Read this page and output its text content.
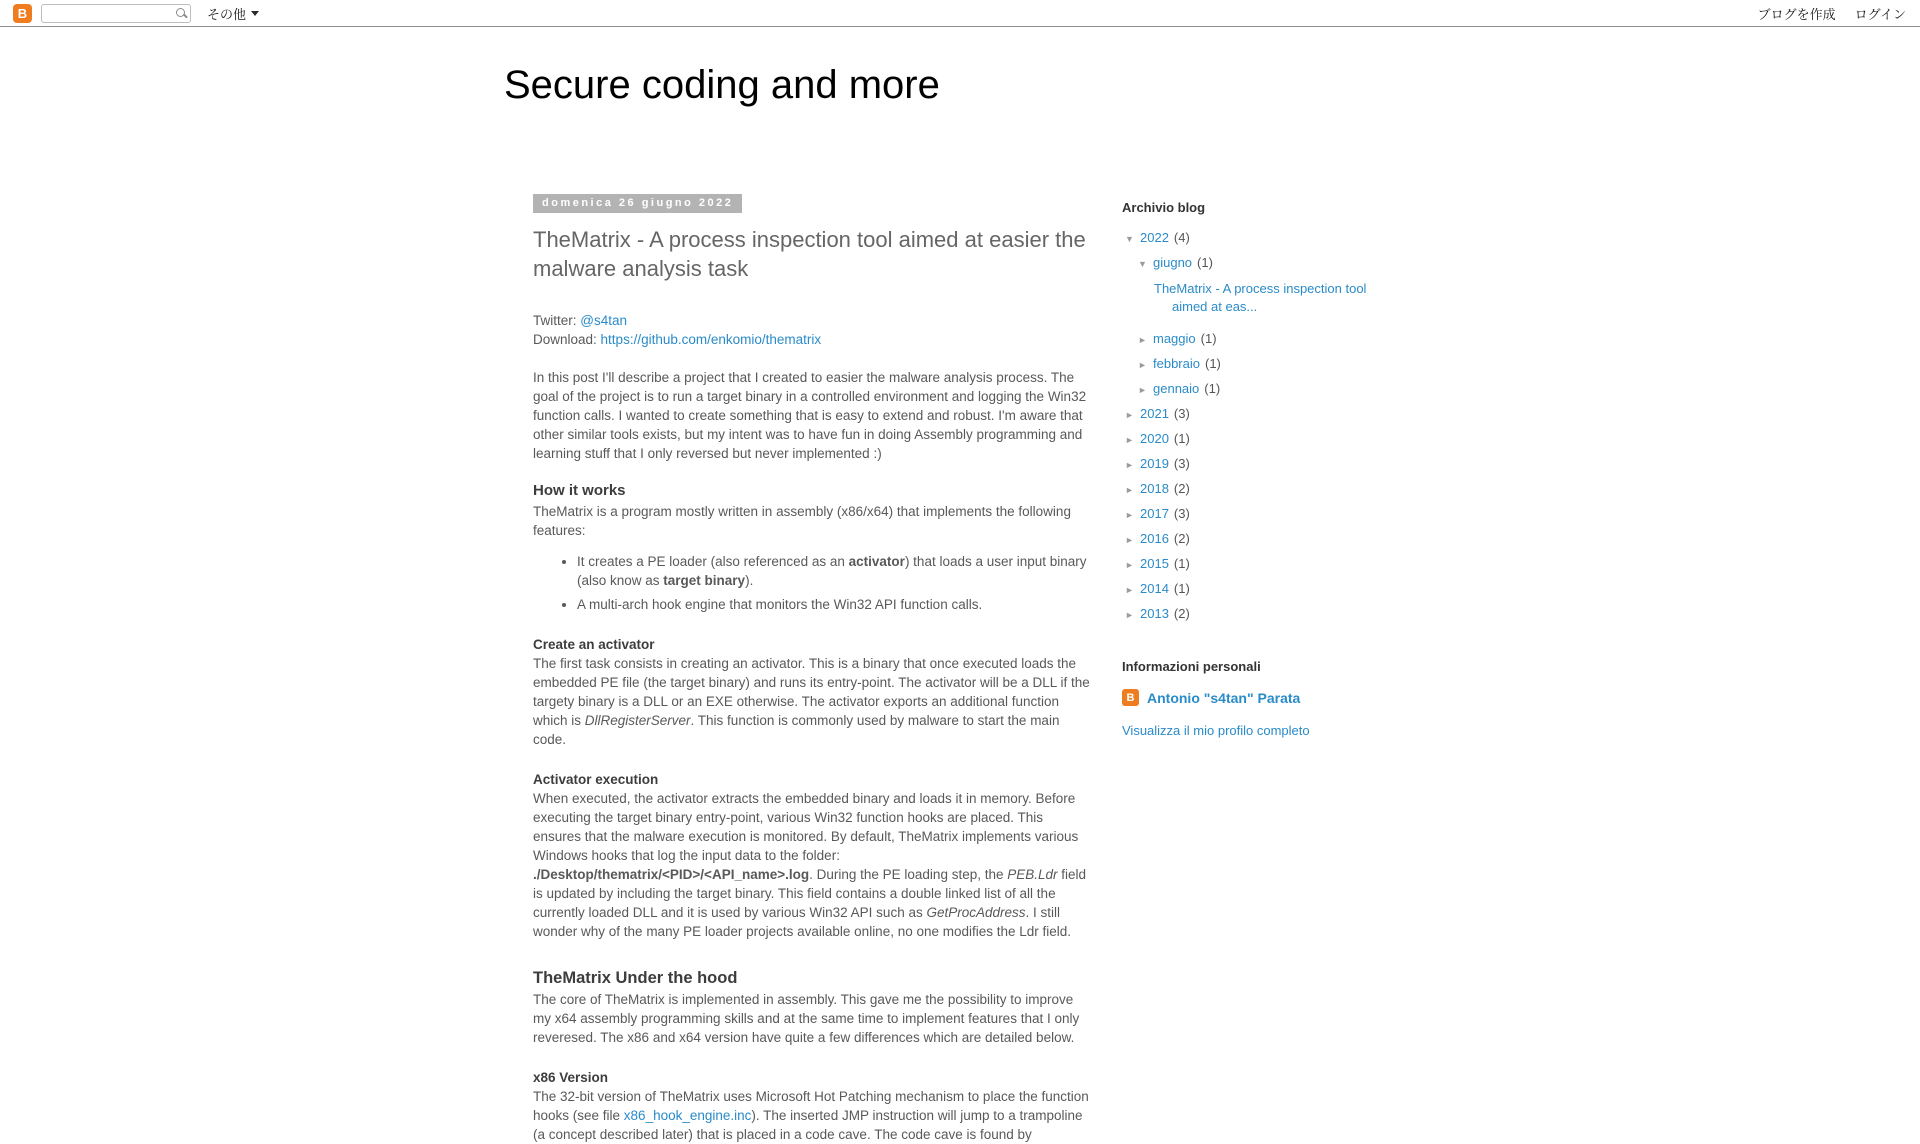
B	その他	ブログを作成 ログイン
Secure coding and more
domenica 26 giugno 2022
TheMatrix - A process inspection tool aimed at easier the malware analysis task
Twitter: @s4tan
Download: https://github.com/enkomio/thematrix

In this post I'll describe a project that I created to easier the malware analysis process. The goal of the project is to run a target binary in a controlled environment and logging the Win32 function calls. I wanted to create something that is easy to extend and robust. I'm aware that other similar tools exists, but my intent was to have fun in doing Assembly programming and learning stuff that I only reversed but never implemented :)

How it works

TheMatrix is a program mostly written in assembly (x86/x64) that implements the following features:

• It creates a PE loader (also referenced as an activator) that loads a user input binary (also know as target binary).
• A multi-arch hook engine that monitors the Win32 API function calls.
Create an activator

The first task consists in creating an activator. This is a binary that once executed loads the embedded PE file (the target binary) and runs its entry-point. The activator will be a DLL if the targety binary is a DLL or an EXE otherwise. The activator exports an additional function which is DllRegisterServer. This function is commonly used by malware to start the main code.

Activator execution

When executed, the activator extracts the embedded binary and loads it in memory. Before executing the target binary entry-point, various Win32 function hooks are placed. This ensures that the malware execution is monitored. By default, TheMatrix implements various Windows hooks that log the input data to the folder: ./Desktop/thematrix/<PID>/<API_name>.log. During the PE loading step, the PEB.Ldr field is updated by including the target binary. This field contains a double linked list of all the currently loaded DLL and it is used by various Win32 API such as GetProcAddress. I still wonder why of the many PE loader projects available online, no one modifies the Ldr field.

TheMatrix Under the hood

The core of TheMatrix is implemented in assembly. This gave me the possibility to improve my x64 assembly programming skills and at the same time to implement features that I only reveresed. The x86 and x64 version have quite a few differences which are detailed below.

x86 Version

The 32-bit version of TheMatrix uses Microsoft Hot Patching mechanism to place the function hooks (see file x86_hook_engine.inc). The inserted JMP instruction will jump to a trampoline (a concept described later) that is placed in a code cave. The code cave is found by

Archivio blog
▼ 2022 (4)
▼ giugno (1)
TheMatrix - A process inspection tool aimed at eas...
► maggio (1)
► febbraio (1)
► gennaio (1)
► 2021 (3)
► 2020 (1)
► 2019 (3)
► 2018 (2)
► 2017 (3)
► 2016 (2)
► 2015 (1)
► 2014 (1)
► 2013 (2)
Informazioni personali
B Antonio "s4tan" Parata
Visualizza il mio profilo completo
